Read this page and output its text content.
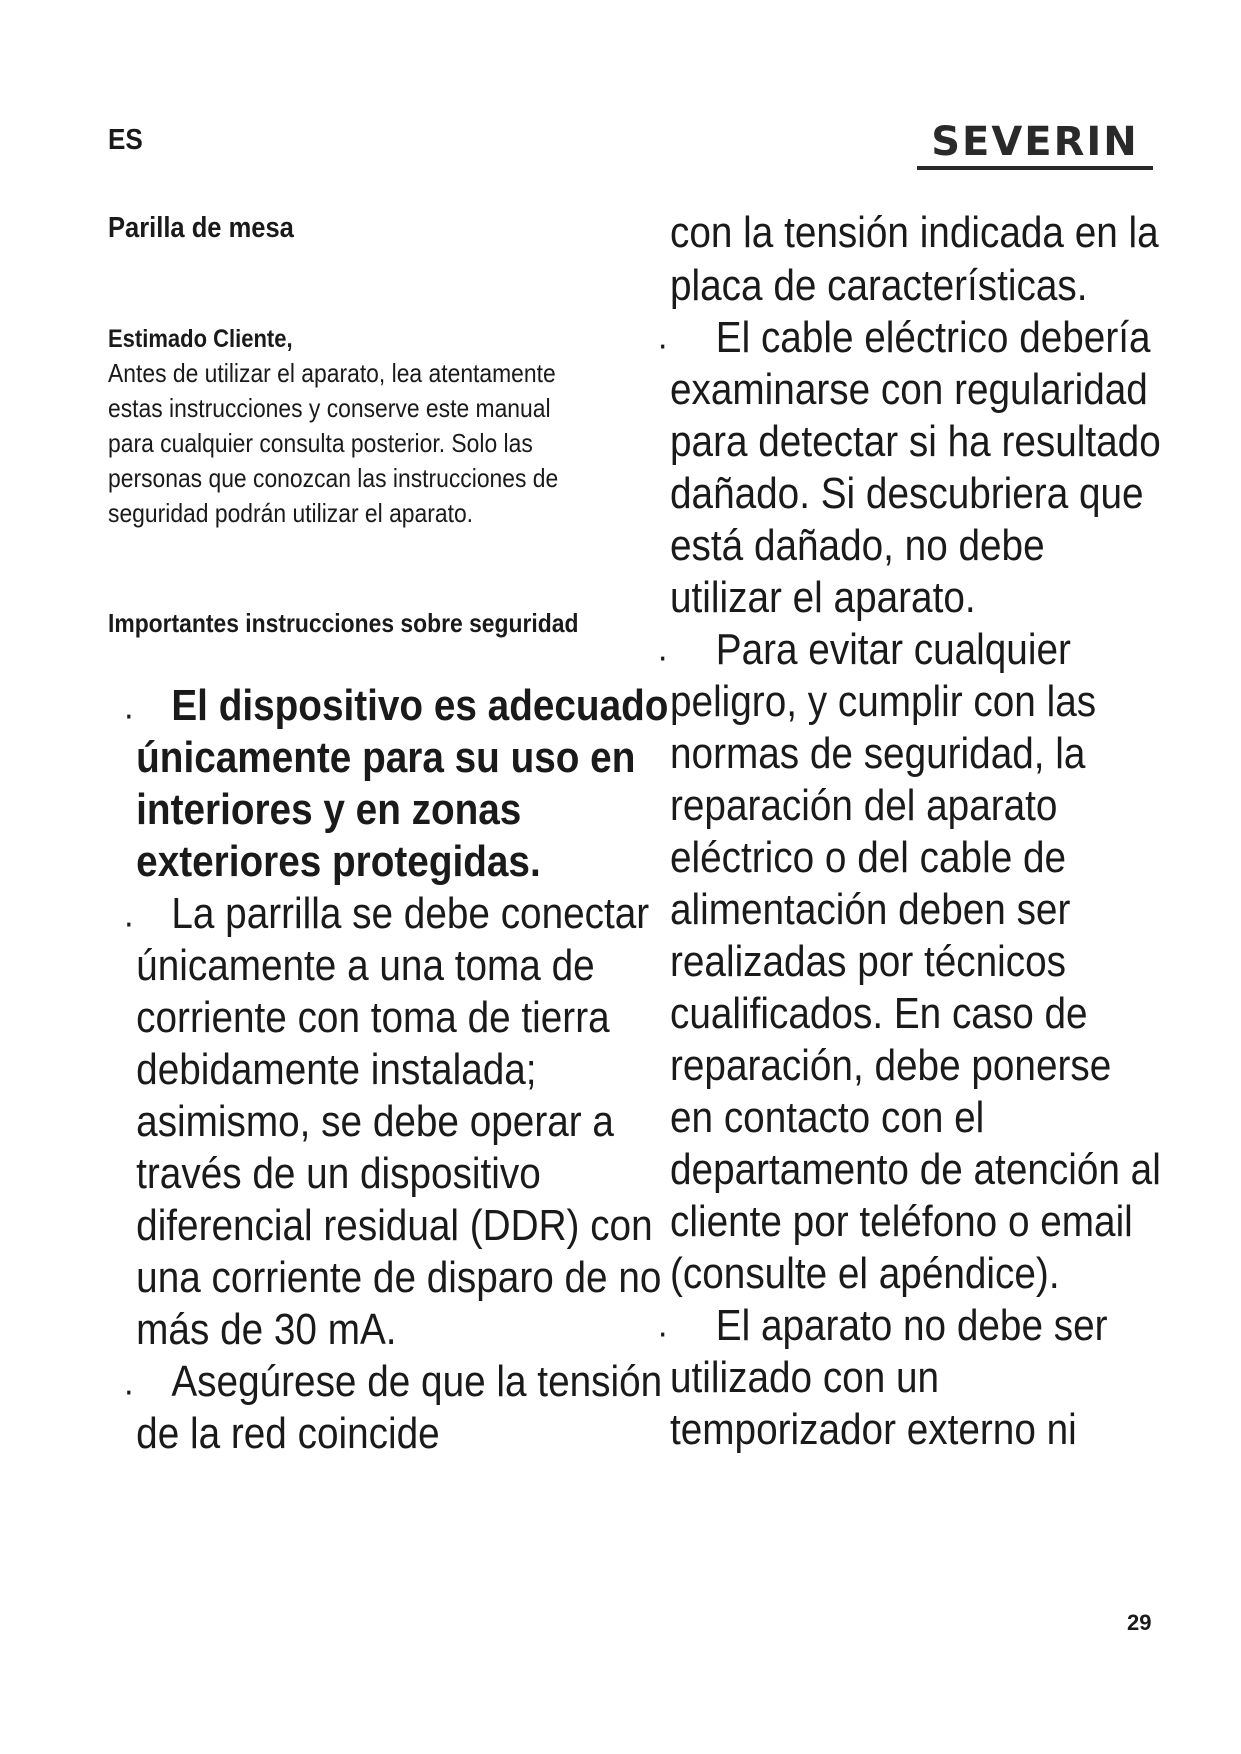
ES	SEVERIN

Parilla de mesa

Estimado Cliente,
Antes de utilizar el aparato, lea atentamente estas instrucciones y conserve este manual para cualquier consulta posterior. Solo las personas que conozcan las instrucciones de seguridad podrán utilizar el aparato.
Importantes instrucciones sobre seguridad
· El dispositivo es adecuado únicamente para su uso en interiores y en zonas exteriores protegidas.
· La parrilla se debe conectar únicamente a una toma de corriente con toma de tierra debidamente instalada; asimismo, se debe operar a través de un dispositivo diferencial residual (DDR) con una corriente de disparo de no más de 30 mA.
· Asegúrese de que la tensión de la red coincide

con la tensión indicada en la placa de características.

·	El cable eléctrico debería examinarse con regularidad para detectar si ha resultado dañado. Si descubriera que está dañado, no debe utilizar el aparato.
·	Para evitar cualquier peligro, y cumplir con las normas de seguridad, la reparación del aparato eléctrico o del cable de alimentación deben ser realizadas por técnicos cualificados. En caso de reparación, debe ponerse en contacto con el departamento de atención al cliente por teléfono o email (consulte el apéndice).
·	El aparato no debe ser utilizado con un temporizador externo ni
29
